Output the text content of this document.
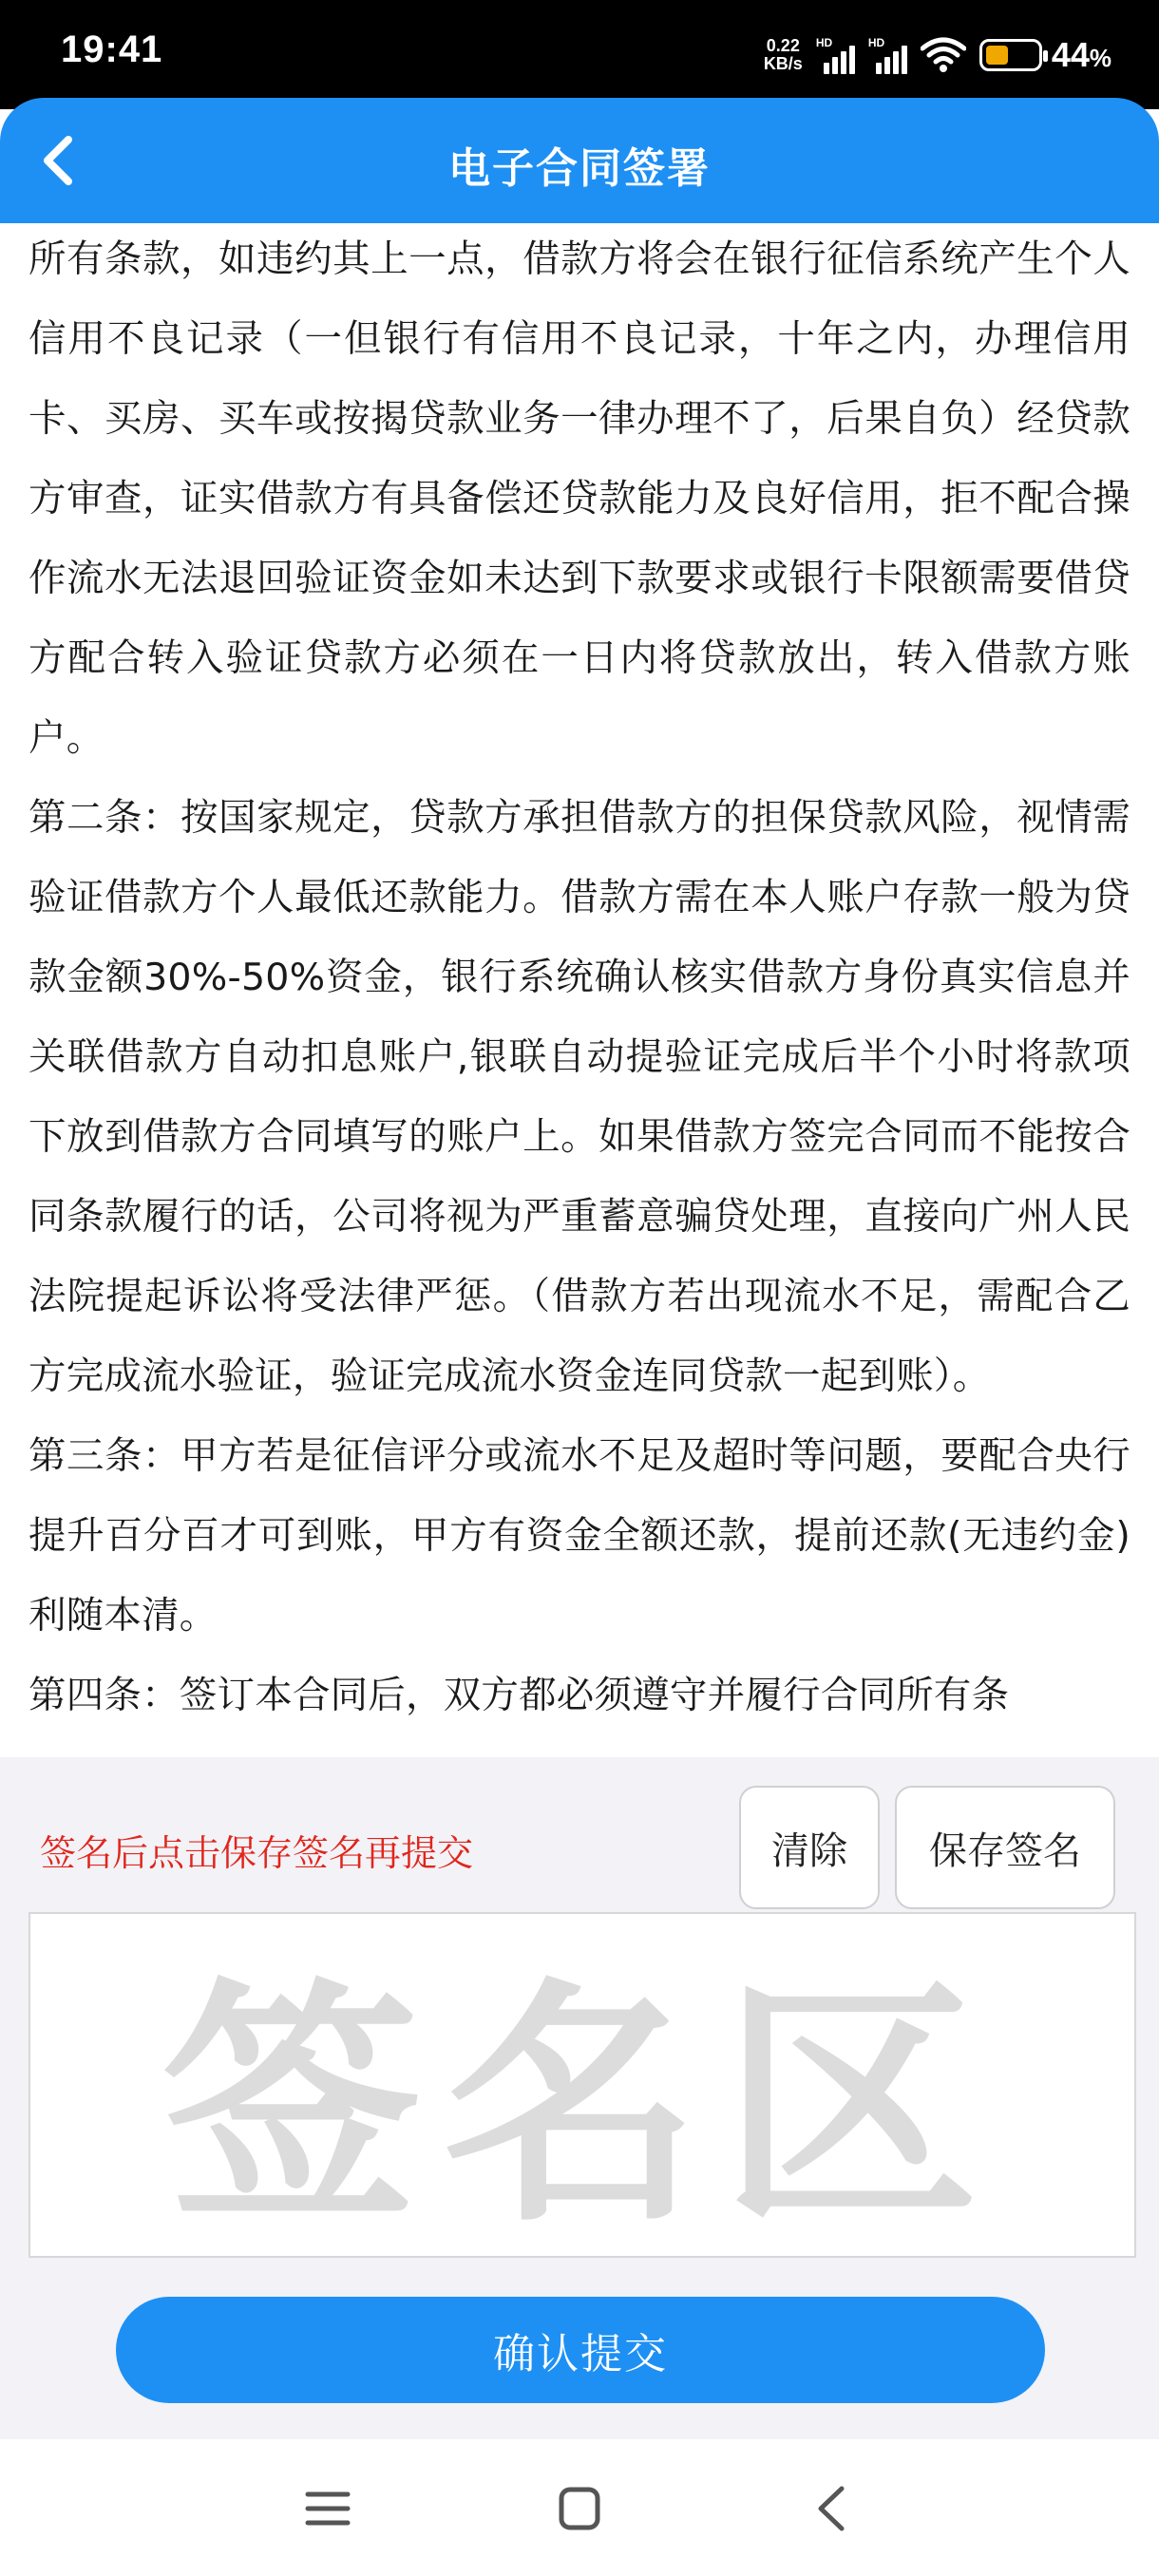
19:41	0.22
KB/s
HD	HD	44%
电子合同签署

所有条款，如违约其上一点，借款方将会在银行征信系统产生个人信用不良记录（一但银行有信用不良记录，十年之内，办理信用卡、买房、买车或按揭贷款业务一律办理不了，后果自负）经贷款方审查，证实借款方有具备偿还贷款能力及良好信用，拒不配合操作流水无法退回验证资金如未达到下款要求或银行卡限额需要借贷方配合转入验证贷款方必须在一日内将贷款放出，转入借款方账户。

第二条：按国家规定，贷款方承担借款方的担保贷款风险，视情需验证借款方个人最低还款能力。借款方需在本人账户存款一般为贷款金额30%-50%资金，银行系统确认核实借款方身份真实信息并关联借款方自动扣息账户,银联自动提验证完成后半个小时将款项下放到借款方合同填写的账户上。如果借款方签完合同而不能按合同条款履行的话，公司将视为严重蓄意骗贷处理，直接向广州人民法院提起诉讼将受法律严惩。（借款方若出现流水不足，需配合乙方完成流水验证，验证完成流水资金连同贷款一起到账）。

第三条：甲方若是征信评分或流水不足及超时等问题，要配合央行提升百分百才可到账，甲方有资金全额还款，提前还款(无违约金)利随本清。

第四条：签订本合同后，双方都必须遵守并履行合同所有条

签名后点击保存签名再提交	清除	保存签名
签名区
确认提交
